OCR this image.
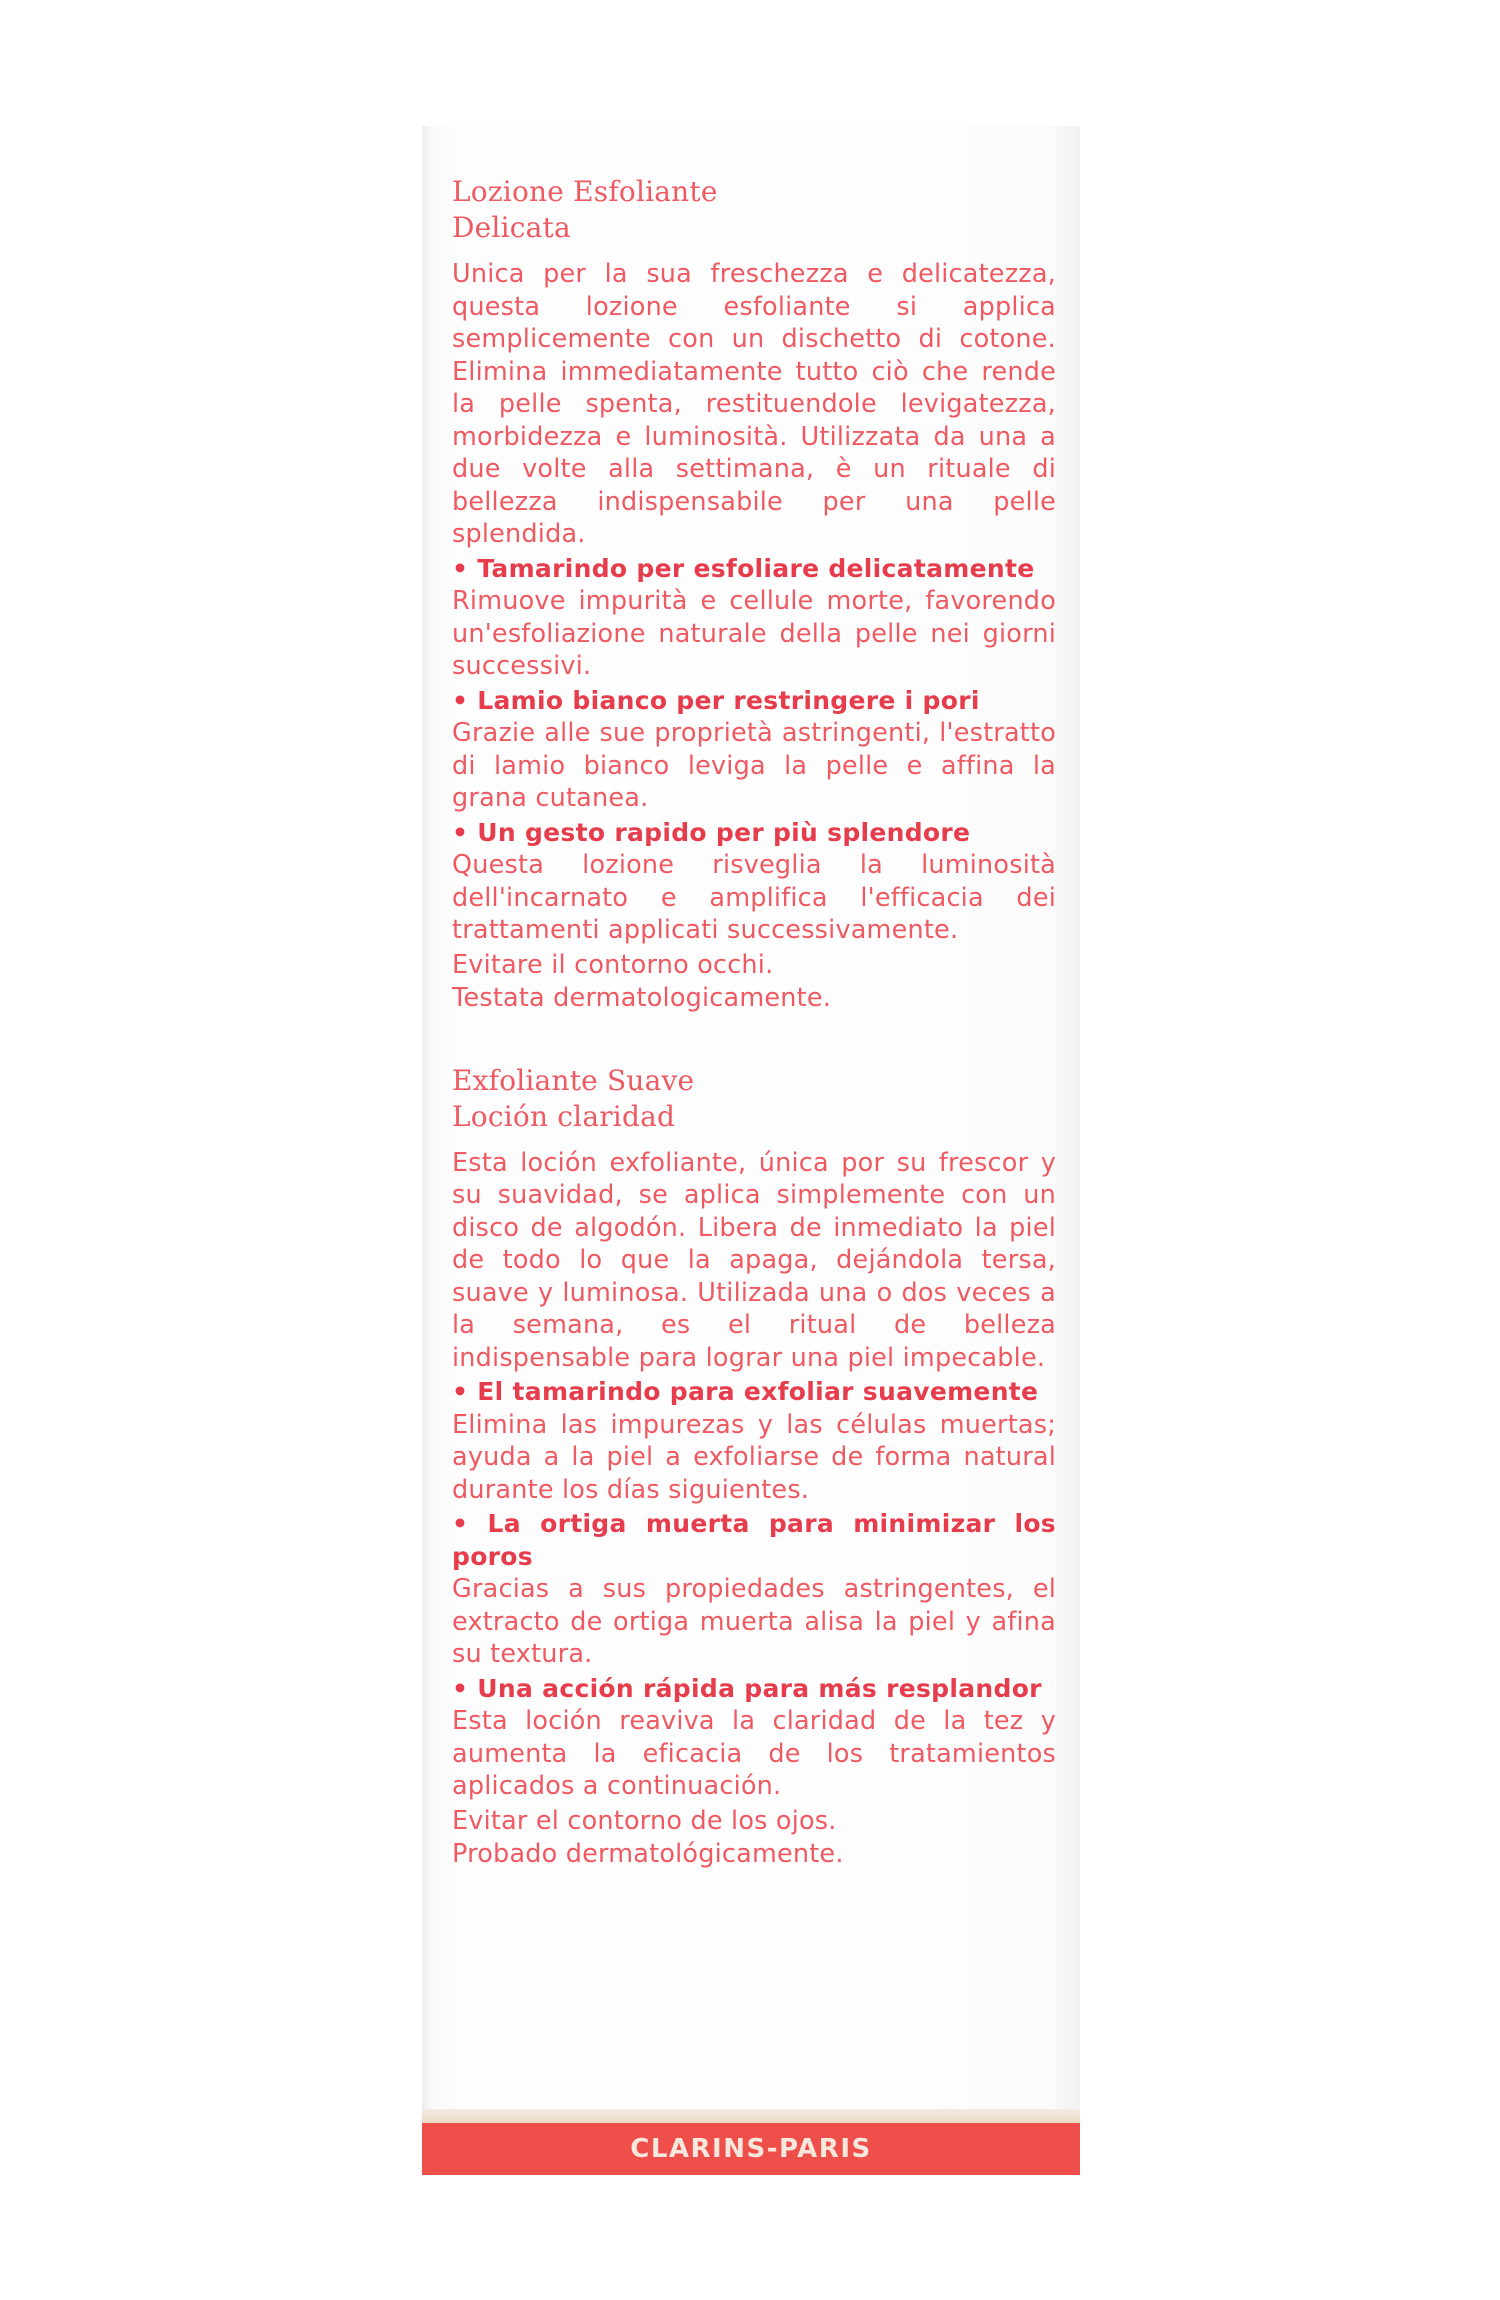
Lozione Esfoliante
Delicata
Unica per la sua freschezza e delicatezza, questa lozione esfoliante si applica semplicemente con un dischetto di cotone. Elimina immediatamente tutto ciò che rende la pelle spenta, restituendole levigatezza, morbidezza e luminosità. Utilizzata da una a due volte alla settimana, è un rituale di bellezza indispensabile per una pelle splendida.
• Tamarindo per esfoliare delicatamente
Rimuove impurità e cellule morte, favorendo un'esfoliazione naturale della pelle nei giorni successivi.
• Lamio bianco per restringere i pori
Grazie alle sue proprietà astringenti, l'estratto di lamio bianco leviga la pelle e affina la grana cutanea.
• Un gesto rapido per più splendore
Questa lozione risveglia la luminosità dell'incarnato e amplifica l'efficacia dei trattamenti applicati successivamente.
Evitare il contorno occhi.
Testata dermatologicamente.
Exfoliante Suave
Loción claridad
Esta loción exfoliante, única por su frescor y su suavidad, se aplica simplemente con un disco de algodón. Libera de inmediato la piel de todo lo que la apaga, dejándola tersa, suave y luminosa. Utilizada una o dos veces a la semana, es el ritual de belleza indispensable para lograr una piel impecable.
• El tamarindo para exfoliar suavemente
Elimina las impurezas y las células muertas; ayuda a la piel a exfoliarse de forma natural durante los días siguientes.
• La ortiga muerta para minimizar los poros
Gracias a sus propiedades astringentes, el extracto de ortiga muerta alisa la piel y afina su textura.
• Una acción rápida para más resplandor
Esta loción reaviva la claridad de la tez y aumenta la eficacia de los tratamientos aplicados a continuación.
Evitar el contorno de los ojos.
Probado dermatológicamente.
CLARINS-PARIS
